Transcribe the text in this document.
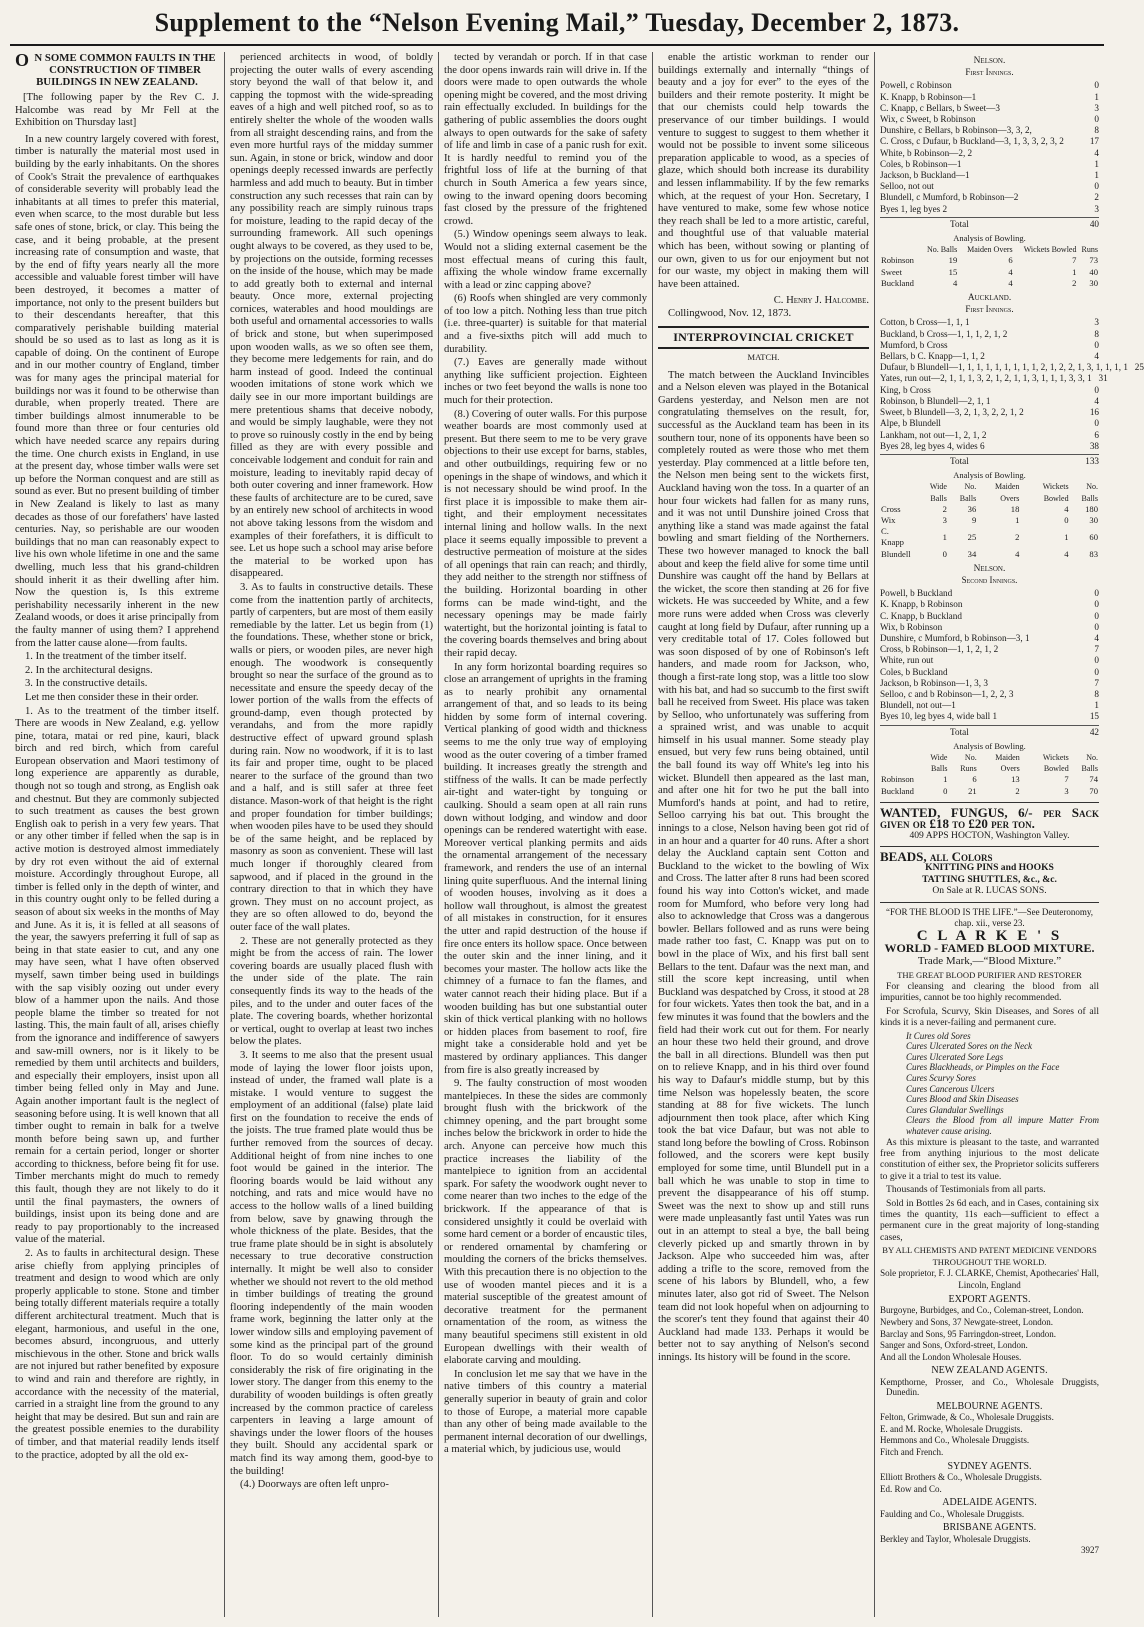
Supplement to the “Nelson Evening Mail,” Tuesday, December 2, 1873.
O N SOME COMMON FAULTS IN THE CONSTRUCTION OF TIMBER BUILDINGS IN NEW ZEALAND.

[The following paper by the Rev C. J. Halcombe was read by Mr Fell at the Exhibition on Thursday last]

In a new country largely covered with forest, timber is naturally the material most used in building by the early inhabitants. On the shores of Cook's Strait the prevalence of earthquakes of considerable severity will probably lead the inhabitants at all times to prefer this material, even when scarce, to the most durable but less safe ones of stone, brick, or clay. This being the case, and it being probable, at the present increasing rate of consumption and waste, that by the end of fifty years nearly all the more accessible and valuable forest timber will have been destroyed, it becomes a matter of importance, not only to the present builders but to their descendants hereafter, that this comparatively perishable building material should be so used as to last as long as it is capable of doing. On the continent of Europe and in our mother country of England, timber was for many ages the principal material for buildings nor was it found to be otherwise than durable, when properly treated. There are timber buildings almost innumerable to be found more than three or four centuries old which have needed scarce any repairs during the time. One church exists in England, in use at the present day, whose timber walls were set up before the Norman conquest and are still as sound as ever. But no present building of timber in New Zealand is likely to last as many decades as those of our forefathers' have lasted centuries. Nay, so perishable are our wooden buildings that no man can reasonably expect to live his own whole lifetime in one and the same dwelling, much less that his grand-children should inherit it as their dwelling after him. Now the question is, Is this extreme perishability necessarily inherent in the new Zealand woods, or does it arise principally from the faulty manner of using them? I apprehend from the latter cause alone—from faults.

1. In the treatment of the timber itself.

2. In the architectural designs.

3. In the constructive details.

Let me then consider these in their order.

1. As to the treatment of the timber itself. There are woods in New Zealand, e.g. yellow pine, totara, matai or red pine, kauri, black birch and red birch, which from careful European observation and Maori testimony of long experience are apparently as durable, though not so tough and strong, as English oak and chestnut. But they are commonly subjected to such treatment as causes the best grown English oak to perish in a very few years. That or any other timber if felled when the sap is in active motion is destroyed almost immediately by dry rot even without the aid of external moisture. Accordingly throughout Europe, all timber is felled only in the depth of winter, and in this country ought only to be felled during a season of about six weeks in the months of May and June. As it is, it is felled at all seasons of the year, the sawyers preferring it full of sap as being in that state easier to cut, and any one may have seen, what I have often observed myself, sawn timber being used in buildings with the sap visibly oozing out under every blow of a hammer upon the nails. And those people blame the timber so treated for not lasting. This, the main fault of all, arises chiefly from the ignorance and indifference of sawyers and saw-mill owners, nor is it likely to be remedied by them until architects and builders, and especially their employers, insist upon all timber being felled only in May and June. Again another important fault is the neglect of seasoning before using. It is well known that all timber ought to remain in balk for a twelve month before being sawn up, and further remain for a certain period, longer or shorter according to thickness, before being fit for use. Timber merchants might do much to remedy this fault, though they are not likely to do it until the final paymasters, the owners of buildings, insist upon its being done and are ready to pay proportionably to the increased value of the material.

2. As to faults in architectural design. These arise chiefly from applying principles of treatment and design to wood which are only properly applicable to stone. Stone and timber being totally different materials require a totally different architectural treatment. Much that is elegant, harmonious, and useful in the one, becomes absurd, incongruous, and utterly mischievous in the other. Stone and brick walls are not injured but rather benefited by exposure to wind and rain and therefore are rightly, in accordance with the necessity of the material, carried in a straight line from the ground to any height that may be desired. But sun and rain are the greatest possible enemies to the durability of timber, and that material readily lends itself to the practice, adopted by all the old ex-

perienced architects in wood, of boldly projecting the outer walls of every ascending story beyond the wall of that below it, and capping the topmost with the wide-spreading eaves of a high and well pitched roof, so as to entirely shelter the whole of the wooden walls from all straight descending rains, and from the even more hurtful rays of the midday summer sun. Again, in stone or brick, window and door openings deeply recessed inwards are perfectly harmless and add much to beauty. But in timber construction any such recesses that rain can by any possibility reach are simply ruinous traps for moisture, leading to the rapid decay of the surrounding framework. All such openings ought always to be covered, as they used to be, by projections on the outside, forming recesses on the inside of the house, which may be made to add greatly both to external and internal beauty. Once more, external projecting cornices, waterables and hood mouldings are both useful and ornamental accessories to walls of brick and stone, but when superimposed upon wooden walls, as we so often see them, they become mere ledgements for rain, and do harm instead of good. Indeed the continual wooden imitations of stone work which we daily see in our more important buildings are mere pretentious shams that deceive nobody, and would be simply laughable, were they not to prove so ruinously costly in the end by being filled as they are with every possible and conceivable lodgement and conduit for rain and moisture, leading to inevitably rapid decay of both outer covering and inner framework. How these faults of architecture are to be cured, save by an entirely new school of architects in wood not above taking lessons from the wisdom and examples of their forefathers, it is difficult to see. Let us hope such a school may arise before the material to be worked upon has disappeared.

3. As to faults in constructive details. These come from the inattention partly of architects, partly of carpenters, but are most of them easily remediable by the latter. Let us begin from (1) the foundations. These, whether stone or brick, walls or piers, or wooden piles, are never high enough. The woodwork is consequently brought so near the surface of the ground as to necessitate and ensure the speedy decay of the lower portion of the walls from the effects of ground-damp, even though protected by verandahs, and from the more rapidly destructive effect of upward ground splash during rain. Now no woodwork, if it is to last its fair and proper time, ought to be placed nearer to the surface of the ground than two and a half, and is still safer at three feet distance. Mason-work of that height is the right and proper foundation for timber buildings; when wooden piles have to be used they should be of the same height, and be replaced by masonry as soon as convenient. These will last much longer if thoroughly cleared from sapwood, and if placed in the ground in the contrary direction to that in which they have grown. They must on no account project, as they are so often allowed to do, beyond the outer face of the wall plates.

2. These are not generally protected as they might be from the access of rain. The lower covering boards are usually placed flush with the under side of the plate. The rain consequently finds its way to the heads of the piles, and to the under and outer faces of the plate. The covering boards, whether horizontal or vertical, ought to overlap at least two inches below the plates.

3. It seems to me also that the present usual mode of laying the lower floor joists upon, instead of under, the framed wall plate is a mistake. I would venture to suggest the employment of an additional (false) plate laid first on the foundation to receive the ends of the joists. The true framed plate would thus be further removed from the sources of decay. Additional height of from nine inches to one foot would be gained in the interior. The flooring boards would be laid without any notching, and rats and mice would have no access to the hollow walls of a lined building from below, save by gnawing through the whole thickness of the plate. Besides, that the true frame plate should be in sight is absolutely necessary to true decorative construction internally. It might be well also to consider whether we should not revert to the old method in timber buildings of treating the ground flooring independently of the main wooden frame work, beginning the latter only at the lower window sills and employing pavement of some kind as the principal part of the ground floor. To do so would certainly diminish considerably the risk of fire originating in the lower story. The danger from this enemy to the durability of wooden buildings is often greatly increased by the common practice of careless carpenters in leaving a large amount of shavings under the lower floors of the houses they built. Should any accidental spark or match find its way among them, good-bye to the building!

(4.) Doorways are often left unpro-

tected by verandah or porch. If in that case the door opens inwards rain will drive in. If the doors were made to open outwards the whole opening might be covered, and the most driving rain effectually excluded. In buildings for the gathering of public assemblies the doors ought always to open outwards for the sake of safety of life and limb in case of a panic rush for exit. It is hardly needful to remind you of the frightful loss of life at the burning of that church in South America a few years since, owing to the inward opening doors becoming fast closed by the pressure of the frightened crowd.

(5.) Window openings seem always to leak. Would not a sliding external casement be the most effectual means of curing this fault, affixing the whole window frame excernally with a lead or zinc capping above?

(6) Roofs when shingled are very commonly of too low a pitch. Nothing less than true pitch (i.e. three-quarter) is suitable for that material and a five-sixths pitch will add much to durability.

(7.) Eaves are generally made without anything like sufficient projection. Eighteen inches or two feet beyond the walls is none too much for their protection.

(8.) Covering of outer walls. For this purpose weather boards are most commonly used at present. But there seem to me to be very grave objections to their use except for barns, stables, and other outbuildings, requiring few or no openings in the shape of windows, and which it is not necessary should be wind proof. In the first place it is impossible to make them air-tight, and their employment necessitates internal lining and hollow walls. In the next place it seems equally impossible to prevent a destructive permeation of moisture at the sides of all openings that rain can reach; and thirdly, they add neither to the strength nor stiffness of the building. Horizontal boarding in other forms can be made wind-tight, and the necessary openings may be made fairly watertight, but the horizontal jointing is fatal to the covering boards themselves and bring about their rapid decay.

In any form horizontal boarding requires so close an arrangement of uprights in the framing as to nearly prohibit any ornamental arrangement of that, and so leads to its being hidden by some form of internal covering. Vertical planking of good width and thickness seems to me the only true way of employing wood as the outer covering of a timber framed building. It increases greatly the strength and stiffness of the walls. It can be made perfectly air-tight and water-tight by tonguing or caulking. Should a seam open at all rain runs down without lodging, and window and door openings can be rendered watertight with ease. Moreover vertical planking permits and aids the ornamental arrangement of the necessary framework, and renders the use of an internal lining quite superfluous. And the internal lining of wooden houses, involving as it does a hollow wall throughout, is almost the greatest of all mistakes in construction, for it ensures the utter and rapid destruction of the house if fire once enters its hollow space. Once between the outer skin and the inner lining, and it becomes your master. The hollow acts like the chimney of a furnace to fan the flames, and water cannot reach their hiding place. But if a wooden building has but one substantial outer skin of thick vertical planking with no hollows or hidden places from basement to roof, fire might take a considerable hold and yet be mastered by ordinary appliances. This danger from fire is also greatly increased by

9. The faulty construction of most wooden mantelpieces. In these the sides are commonly brought flush with the brickwork of the chimney opening, and the part brought some inches below the brickwork in order to hide the arch. Anyone can perceive how much this practice increases the liability of the mantelpiece to ignition from an accidental spark. For safety the woodwork ought never to come nearer than two inches to the edge of the brickwork. If the appearance of that is considered unsightly it could be overlaid with some hard cement or a border of encaustic tiles, or rendered ornamental by chamfering or moulding the corners of the bricks themselves. With this precaution there is no objection to the use of wooden mantel pieces and it is a material susceptible of the greatest amount of decorative treatment for the permanent ornamentation of the room, as witness the many beautiful specimens still existent in old European dwellings with their wealth of elaborate carving and moulding.

In conclusion let me say that we have in the native timbers of this country a material generally superior in beauty of grain and color to those of Europe, a material more capable than any other of being made available to the permanent internal decoration of our dwellings, a material which, by judicious use, would

enable the artistic workman to render our buildings externally and internally “things of beauty and a joy for ever” to the eyes of the builders and their remote posterity. It might be that our chemists could help towards the preservance of our timber buildings. I would venture to suggest to suggest to them whether it would not be possible to invent some siliceous preparation applicable to wood, as a species of glaze, which should both increase its durability and lessen inflammability. If by the few remarks which, at the request of your Hon. Secretary, I have ventured to make, some few whose notice they reach shall be led to a more artistic, careful, and thoughtful use of that valuable material which has been, without sowing or planting of our own, given to us for our enjoyment but not for our waste, my object in making them will have been attained.

C. Henry J. Halcombe.

Collingwood, Nov. 12, 1873.

INTERPROVINCIAL CRICKET
MATCH.

The match between the Auckland Invincibles and a Nelson eleven was played in the Botanical Gardens yesterday, and Nelson men are not congratulating themselves on the result, for, successful as the Auckland team has been in its southern tour, none of its opponents have been so completely routed as were those who met them yesterday. Play commenced at a little before ten, the Nelson men being sent to the wickets first, Auckland having won the toss. In a quarter of an hour four wickets had fallen for as many runs, and it was not until Dunshire joined Cross that anything like a stand was made against the fatal bowling and smart fielding of the Northerners. These two however managed to knock the ball about and keep the field alive for some time until Dunshire was caught off the hand by Bellars at the wicket, the score then standing at 26 for five wickets. He was succeeded by White, and a few more runs were added when Cross was cleverly caught at long field by Dufaur, after running up a very creditable total of 17. Coles followed but was soon disposed of by one of Robinson's left handers, and made room for Jackson, who, though a first-rate long stop, was a little too slow with his bat, and had so succumb to the first swift ball he received from Sweet. His place was taken by Selloo, who unfortunately was suffering from a sprained wrist, and was unable to acquit himself in his usual manner. Some steady play ensued, but very few runs being obtained, until the ball found its way off White's leg into his wicket. Blundell then appeared as the last man, and after one hit for two he put the ball into Mumford's hands at point, and had to retire, Selloo carrying his bat out. This brought the innings to a close, Nelson having been got rid of in an hour and a quarter for 40 runs. After a short delay the Auckland captain sent Cotton and Buckland to the wicket to the bowling of Wix and Cross. The latter after 8 runs had been scored found his way into Cotton's wicket, and made room for Mumford, who before very long had also to acknowledge that Cross was a dangerous bowler. Bellars followed and as runs were being made rather too fast, C. Knapp was put on to bowl in the place of Wix, and his first ball sent Bellars to the tent. Dafaur was the next man, and still the score kept increasing, until when Buckland was despatched by Cross, it stood at 28 for four wickets. Yates then took the bat, and in a few minutes it was found that the bowlers and the field had their work cut out for them. For nearly an hour these two held their ground, and drove the ball in all directions. Blundell was then put on to relieve Knapp, and in his third over found his way to Dafaur's middle stump, but by this time Nelson was hopelessly beaten, the score standing at 88 for five wickets. The lunch adjournment then took place, after which King took the bat vice Dafaur, but was not able to stand long before the bowling of Cross. Robinson followed, and the scorers were kept busily employed for some time, until Blundell put in a ball which he was unable to stop in time to prevent the disappearance of his off stump. Sweet was the next to show up and still runs were made unpleasantly fast until Yates was run out in an attempt to steal a bye, the ball being cleverly picked up and smartly thrown in by Jackson. Alpe who succeeded him was, after adding a trifle to the score, removed from the scene of his labors by Blundell, who, a few minutes later, also got rid of Sweet. The Nelson team did not look hopeful when on adjourning to the scorer's tent they found that against their 40 Auckland had made 133. Perhaps it would be better not to say anything of Nelson's second innings. Its history will be found in the score.

Nelson.
First Innings.
Powell, c Robinson	0
K. Knapp, b Robinson—1	1
C. Knapp, c Bellars, b Sweet—3	3
Wix, c Sweet, b Robinson	0
Dunshire, c Bellars, b Robinson—3, 3, 2,	8
C. Cross, c Dufaur, b Buckland—3, 1, 3, 3, 2, 3, 2	17
White, b Robinson—2, 2	4
Coles, b Robinson—1	1
Jackson, b Buckland—1	1
Selloo, not out	0
Blundell, c Mumford, b Robinson—2	2
Byes 1, leg byes 2	3
Total	40
Analysis of Bowling.
	No. Balls	Maiden Overs	Wickets Bowled	Runs
Robinson	19	6	7	73
Sweet	15	4	1	40
Buckland	4	4	2	30
Auckland.
First Innings.
Cotton, b Cross—1, 1, 1	3
Buckland, b Cross—1, 1, 1, 2, 1, 2	8
Mumford, b Cross	0
Bellars, b C. Knapp—1, 1, 2	4
Dufaur, b Blundell—1, 1, 1, 1, 1, 1, 1, 1, 1, 2, 1, 2, 2, 1, 3, 1, 1, 1, 1 25
Yates, run out—2, 1, 1, 1, 3, 2, 1, 2, 1, 1, 3, 1, 1, 1, 3, 3, 1 31
King, b Cross	0
Robinson, b Blundell—2, 1, 1	4
Sweet, b Blundell—3, 2, 1, 3, 2, 2, 1, 2	16
Alpe, b Blundell	0
Lankham, not out—1, 2, 1, 2	6
Byes 28, leg byes 4, wides 6	38
Total	133
Analysis of Bowling.
	Wide Balls	No. Balls	Maiden Overs	Wickets Bowled	No. Balls
Cross	2	36	18	4	180
Wix	3	9	1	0	30
C. Knapp	1	25	2	1	60
Blundell	0	34	4	4	83
Nelson.
Second Innings.
Powell, b Buckland	0
K. Knapp, b Robinson	0
C. Knapp, b Buckland	0
Wix, b Robinson	0
Dunshire, c Mumford, b Robinson—3, 1	4
Cross, b Robinson—1, 1, 2, 1, 2	7
White, run out	0
Coles, b Buckland	0
Jackson, b Robinson—1, 3, 3	7
Selloo, c and b Robinson—1, 2, 2, 3	8
Blundell, not out—1	1
Byes 10, leg byes 4, wide ball 1	15
Total	42
Analysis of Bowling.
	Wide Balls	No. Runs	Maiden Overs	Wickets Bowled	No. Balls
Robinson	1	6	13	7	74
Buckland	0	21	2	3	70
WANTED, FUNGUS, 6/- per Sack given or £18 to £20 per ton.
409 APPS HOCTON, Washington Valley.
BEADS, all Colors
KNITTING PINS and HOOKS
TATTING SHUTTLES, &c., &c.
On Sale at R. LUCAS SONS.
“FOR THE BLOOD IS THE LIFE.”—See Deuteronomy, chap. xii., verse 23.
C L A R K E ' S
WORLD - FAMED BLOOD MIXTURE.
Trade Mark,—“Blood Mixture.”
THE GREAT BLOOD PURIFIER AND RESTORER

For cleansing and clearing the blood from all impurities, cannot be too highly recommended.

For Scrofula, Scurvy, Skin Diseases, and Sores of all kinds it is a never-failing and permanent cure.

It Cures old Sores
Cures Ulcerated Sores on the Neck
Cures Ulcerated Sore Legs
Cures Blackheads, or Pimples on the Face
Cures Scurvy Sores
Cures Cancerous Ulcers
Cures Blood and Skin Diseases
Cures Glandular Swellings
Clears the Blood from all impure Matter From whatever cause arising.

As this mixture is pleasant to the taste, and warranted free from anything injurious to the most delicate constitution of either sex, the Proprietor solicits sufferers to give it a trial to test its value.

Thousands of Testimonials from all parts.

Sold in Bottles 2s 6d each, and in Cases, containing six times the quantity, 11s each—sufficient to effect a permanent cure in the great majority of long-standing cases,

BY ALL CHEMISTS AND PATENT MEDICINE VENDORS THROUGHOUT THE WORLD.
Sole proprietor, F. J. CLARKE, Chemist, Apothecaries' Hall, Lincoln, England
EXPORT AGENTS.
Burgoyne, Burbidges, and Co., Coleman-street, London.
Newbery and Sons, 37 Newgate-street, London.
Barclay and Sons, 95 Farringdon-street, London.
Sanger and Sons, Oxford-street, London.
And all the London Wholesale Houses.
NEW ZEALAND AGENTS.
Kempthorne, Prosser, and Co., Wholesale Druggists, Dunedin.
MELBOURNE AGENTS.
Felton, Grimwade, & Co., Wholesale Druggists.
E. and M. Rocke, Wholesale Druggists.
Hemmons and Co., Wholesale Druggists.
Fitch and French.
SYDNEY AGENTS.
Elliott Brothers & Co., Wholesale Druggists.
Ed. Row and Co.
ADELAIDE AGENTS.
Faulding and Co., Wholesale Druggists.
BRISBANE AGENTS.
Berkley and Taylor, Wholesale Druggists.
3927
